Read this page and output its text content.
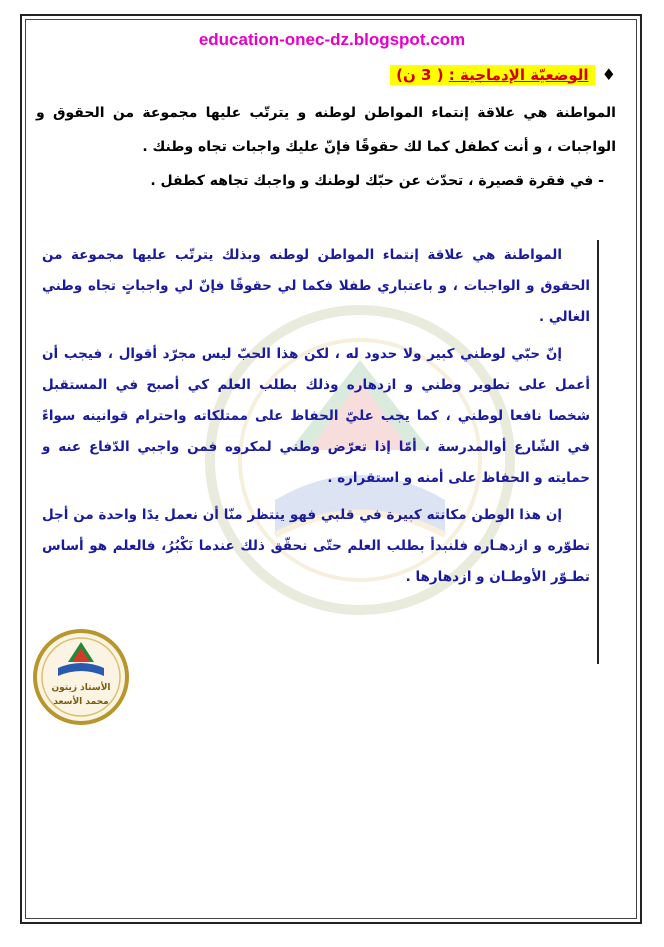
education-onec-dz.blogspot.com
♦ الوضعيّة الإدماجية : ( 3 ن)

المواطنة هي علاقة إنتماء المواطن لوطنه و يترتّب عليها مجموعة من الحقوق و الواجبات ، و أنت كطفل كما لك حقوقًا فإنّ عليك واجبات تجاه وطنك .

- في فقرة قصيرة ، تحدّث عن حبّك لوطنك و واجبك تجاهه كطفل .

المواطنة هي علاقة إنتماء المواطن لوطنه وبذلك يترتّب عليها مجموعة من الحقوق و الواجبات ، و باعتباري طفلا فكما لي حقوقًا فإنّ لي واجباتٍ تجاه وطني الغالي .

إنّ حبّي لوطني كبير ولا حدود له ، لكن هذا الحبّ ليس مجرّد أقوال ، فيجب أن أعمل على تطوير وطني و ازدهاره وذلك بطلب العلم كي أصبح في المستقبل شخصا نافعا لوطني ، كما يجب عليّ الحفاظ على ممتلكاته واحترام قوانينه سواءً في الشّارع أوالمدرسة ، أمّا إذا تعرّض وطني لمكروه فمن واجبي الدّفاع عنه و حمايته و الحفاظ على أمنه و استقراره .

إن هذا الوطن مكانته كبيرة في قلبي فهو ينتظر منّا أن نعمل يدًا واحدة من أجل تطوّره و ازدهـاره فلنبدأ بطلب العلم حتّى نحقّق ذلك عندما نَكْبُرُ، فالعلم هو أساس تطـوّر الأوطـان و ازدهارها .

الأستاذ زيتون
محمد الأسعد
